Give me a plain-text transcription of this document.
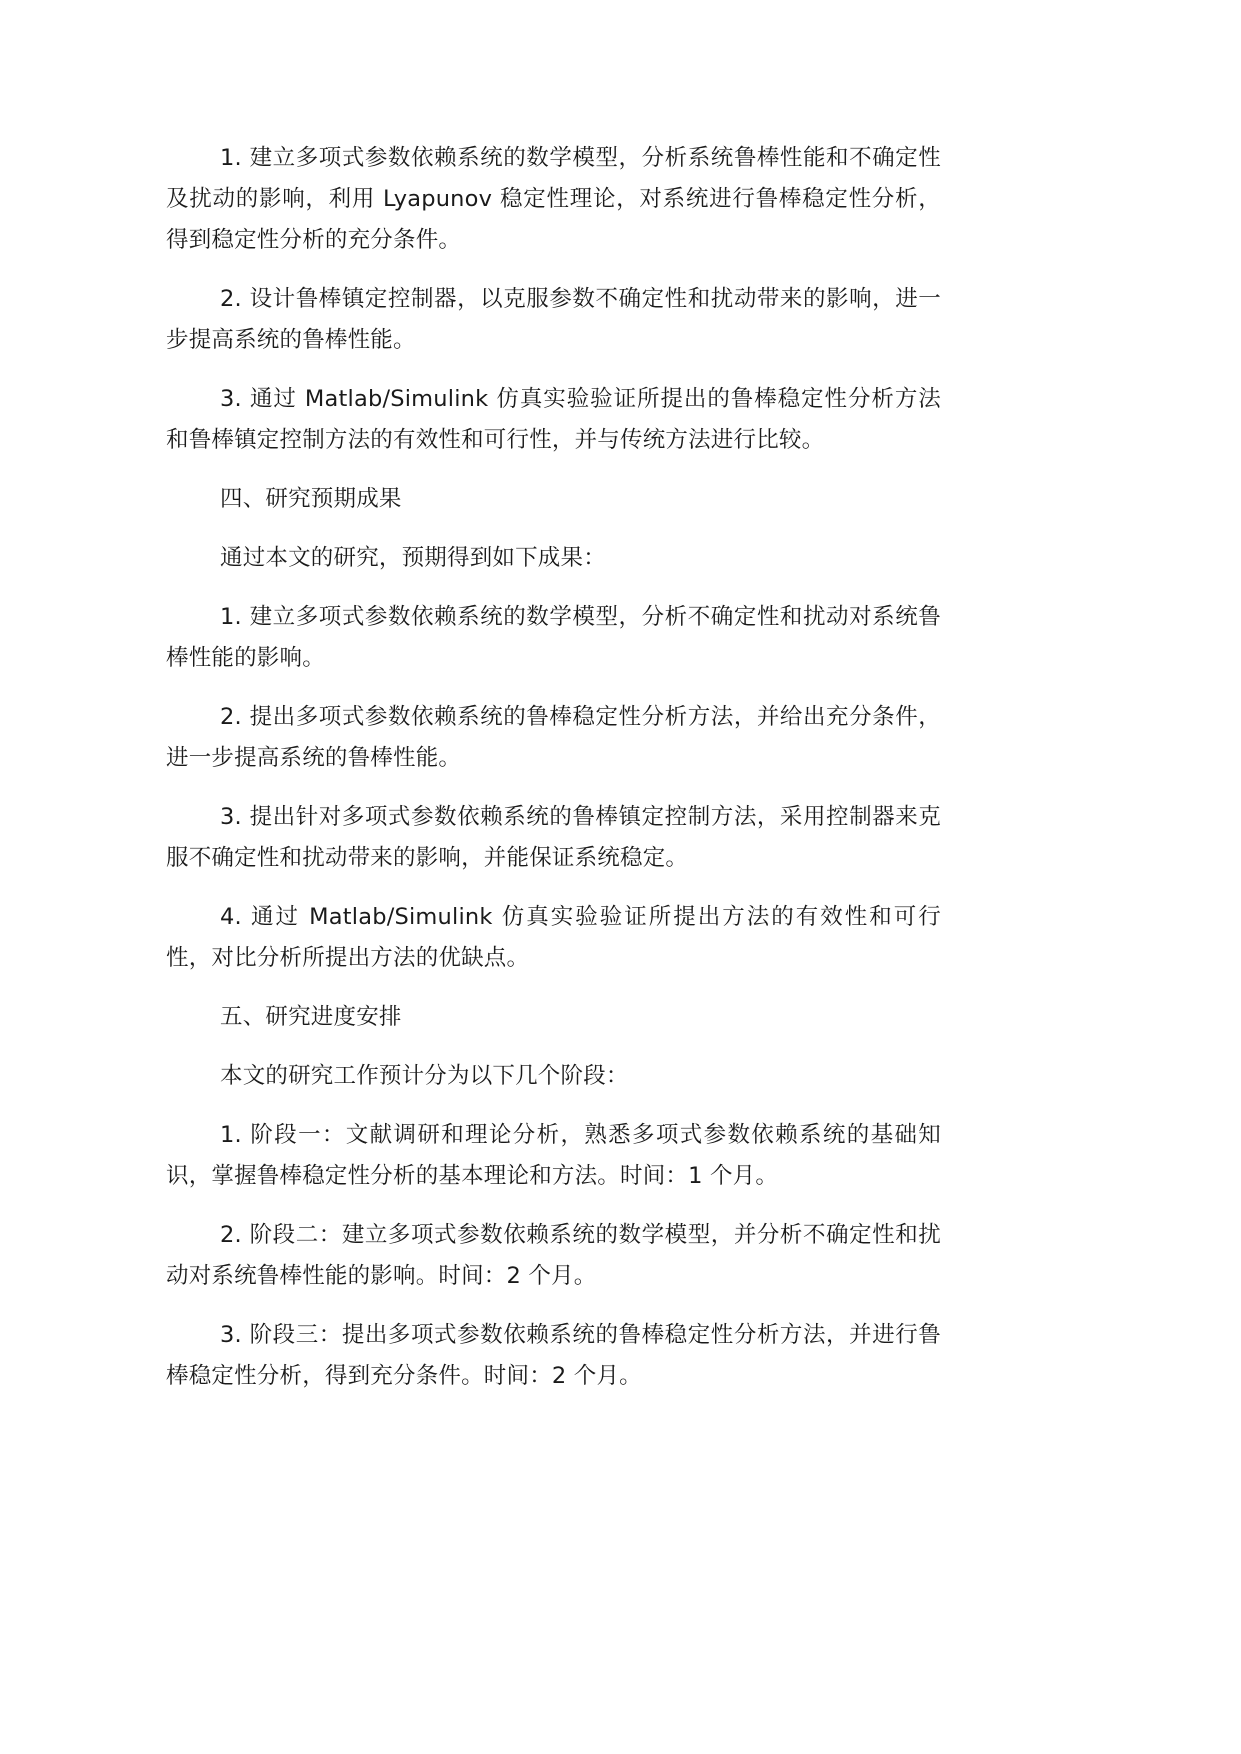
1. 建立多项式参数依赖系统的数学模型，分析系统鲁棒性能和不确定性及扰动的影响，利用 Lyapunov 稳定性理论，对系统进行鲁棒稳定性分析，得到稳定性分析的充分条件。

2. 设计鲁棒镇定控制器，以克服参数不确定性和扰动带来的影响，进一步提高系统的鲁棒性能。

3. 通过 Matlab/Simulink 仿真实验验证所提出的鲁棒稳定性分析方法和鲁棒镇定控制方法的有效性和可行性，并与传统方法进行比较。

四、研究预期成果

通过本文的研究，预期得到如下成果：

1. 建立多项式参数依赖系统的数学模型，分析不确定性和扰动对系统鲁棒性能的影响。

2. 提出多项式参数依赖系统的鲁棒稳定性分析方法，并给出充分条件，进一步提高系统的鲁棒性能。

3. 提出针对多项式参数依赖系统的鲁棒镇定控制方法，采用控制器来克服不确定性和扰动带来的影响，并能保证系统稳定。

4. 通过 Matlab/Simulink 仿真实验验证所提出方法的有效性和可行性，对比分析所提出方法的优缺点。

五、研究进度安排

本文的研究工作预计分为以下几个阶段：

1. 阶段一：文献调研和理论分析，熟悉多项式参数依赖系统的基础知识，掌握鲁棒稳定性分析的基本理论和方法。时间：1 个月。

2. 阶段二：建立多项式参数依赖系统的数学模型，并分析不确定性和扰动对系统鲁棒性能的影响。时间：2 个月。

3. 阶段三：提出多项式参数依赖系统的鲁棒稳定性分析方法，并进行鲁棒稳定性分析，得到充分条件。时间：2 个月。
